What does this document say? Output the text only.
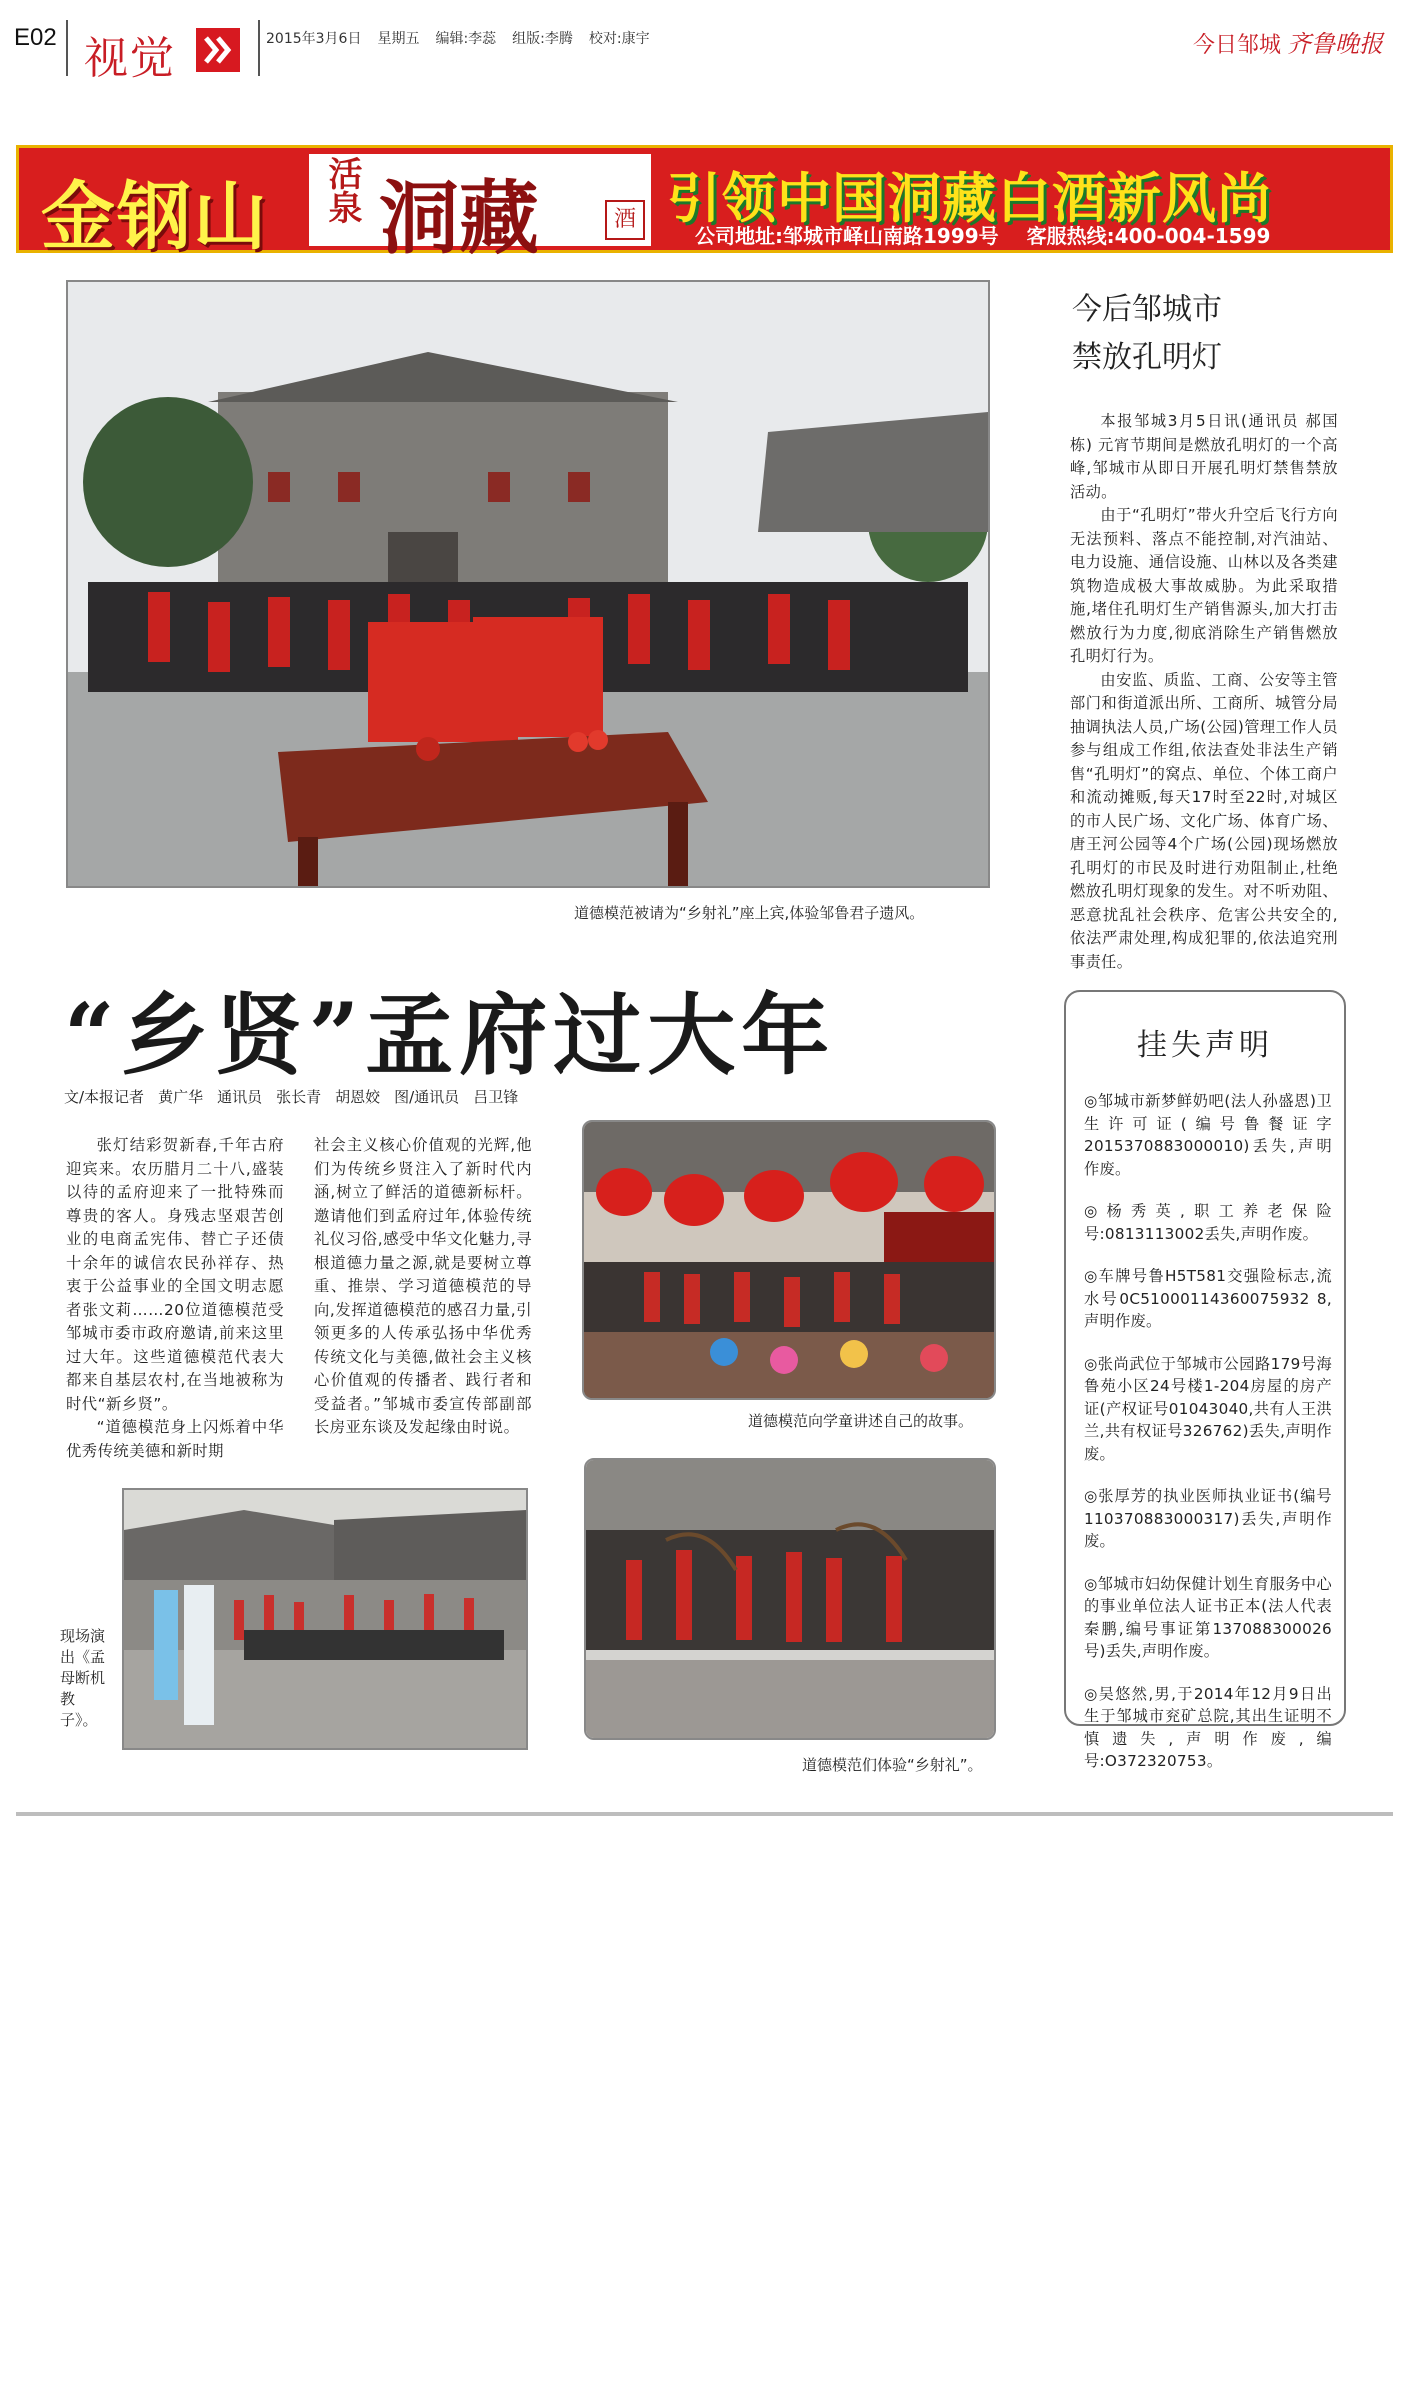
E02 视觉	2015年3月6日 星期五 编辑:李蕊 组版:李腾 校对:康宇	今日邹城 齐鲁晚报
金钢山 活泉 洞藏	酒 引领中国洞藏白酒新风尚
公司地址:邹城市峄山南路1999号 客服热线:400-004-1599
道德模范被请为“乡射礼”座上宾,体验邹鲁君子遗风。
今后邹城市
禁放孔明灯

本报邹城3月5日讯(通讯员 郝国栋) 元宵节期间是燃放孔明灯的一个高峰,邹城市从即日开展孔明灯禁售禁放活动。

由于“孔明灯”带火升空后飞行方向无法预料、落点不能控制,对汽油站、电力设施、通信设施、山林以及各类建筑物造成极大事故威胁。为此采取措施,堵住孔明灯生产销售源头,加大打击燃放行为力度,彻底消除生产销售燃放孔明灯行为。

由安监、质监、工商、公安等主管部门和街道派出所、工商所、城管分局抽调执法人员,广场(公园)管理工作人员参与组成工作组,依法查处非法生产销售“孔明灯”的窝点、单位、个体工商户和流动摊贩,每天17时至22时,对城区的市人民广场、文化广场、体育广场、唐王河公园等4个广场(公园)现场燃放孔明灯的市民及时进行劝阻制止,杜绝燃放孔明灯现象的发生。对不听劝阻、恶意扰乱社会秩序、危害公共安全的,依法严肃处理,构成犯罪的,依法追究刑事责任。

“乡贤”孟府过大年
文/本报记者 黄广华 通讯员 张长青 胡恩姣 图/通讯员 吕卫锋

张灯结彩贺新春,千年古府迎宾来。农历腊月二十八,盛装以待的孟府迎来了一批特殊而尊贵的客人。身残志坚艰苦创业的电商孟宪伟、替亡子还债十余年的诚信农民孙祥存、热衷于公益事业的全国文明志愿者张文莉……20位道德模范受邹城市委市政府邀请,前来这里过大年。这些道德模范代表大都来自基层农村,在当地被称为时代“新乡贤”。

“道德模范身上闪烁着中华优秀传统美德和新时期

社会主义核心价值观的光辉,他们为传统乡贤注入了新时代内涵,树立了鲜活的道德新标杆。邀请他们到孟府过年,体验传统礼仪习俗,感受中华文化魅力,寻根道德力量之源,就是要树立尊重、推崇、学习道德模范的导向,发挥道德模范的感召力量,引领更多的人传承弘扬中华优秀传统文化与美德,做社会主义核心价值观的传播者、践行者和受益者。”邹城市委宣传部副部长房亚东谈及发起缘由时说。	道德模范向学童讲述自己的故事。
现场演出《孟母断机教子》。
道德模范们体验“乡射礼”。
挂失声明
◎邹城市新梦鲜奶吧(法人孙盛恩)卫生许可证(编号鲁餐证字2015370883000010)丢失,声明作废。
◎杨秀英,职工养老保险号:0813113002丢失,声明作废。
◎车牌号鲁H5T581交强险标志,流水号0C51000114360075932 8,声明作废。
◎张尚武位于邹城市公园路179号海鲁苑小区24号楼1-204房屋的房产证(产权证号01043040,共有人王洪兰,共有权证号326762)丢失,声明作废。
◎张厚芳的执业医师执业证书(编号110370883000317)丢失,声明作废。
◎邹城市妇幼保健计划生育服务中心的事业单位法人证书正本(法人代表秦鹏,编号事证第137088300026号)丢失,声明作废。
◎吴悠然,男,于2014年12月9日出生于邹城市兖矿总院,其出生证明不慎遗失,声明作废,编号:O372320753。
